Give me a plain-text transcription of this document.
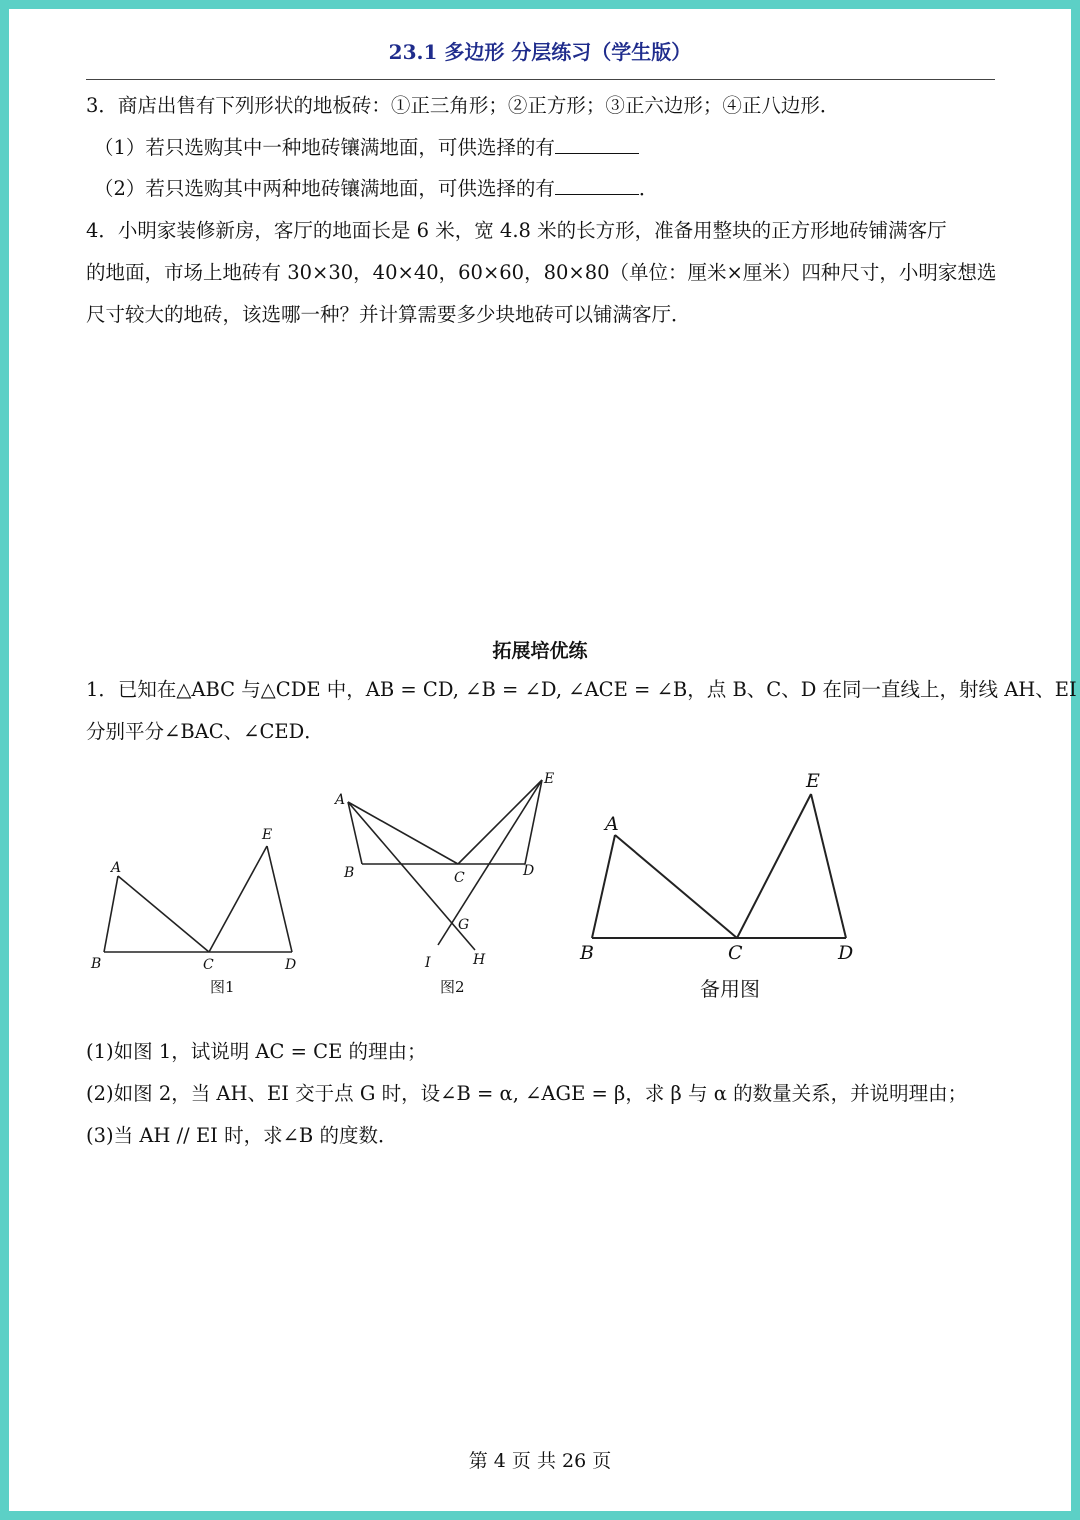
23.1 多边形 分层练习（学生版）
3．商店出售有下列形状的地板砖：①正三角形；②正方形；③正六边形；④正八边形．
（1）若只选购其中一种地砖镶满地面，可供选择的有
（2）若只选购其中两种地砖镶满地面，可供选择的有	．
4．小明家装修新房，客厅的地面长是 6 米，宽 4.8 米的长方形，准备用整块的正方形地砖铺满客厅
的地面，市场上地砖有 30×30，40×40，60×60，80×80（单位：厘米×厘米）四种尺寸，小明家想选
尺寸较大的地砖，该选哪一种？并计算需要多少块地砖可以铺满客厅．
拓展培优练
1．已知在△ABC 与△CDE 中，AB = CD, ∠B = ∠D, ∠ACE = ∠B，点 B、C、D 在同一直线上，射线 AH、EI
分别平分∠BAC、∠CED．
A
B	C	D
E
图1
A
B	C	D
E
G
H
I
图2
A
B	C	D
E
备用图
(1)如图 1，试说明 AC = CE 的理由；
(2)如图 2，当 AH、EI 交于点 G 时，设∠B = α, ∠AGE = β，求 β 与 α 的数量关系，并说明理由；
(3)当 AH // EI 时，求∠B 的度数．
第 4 页 共 26 页
